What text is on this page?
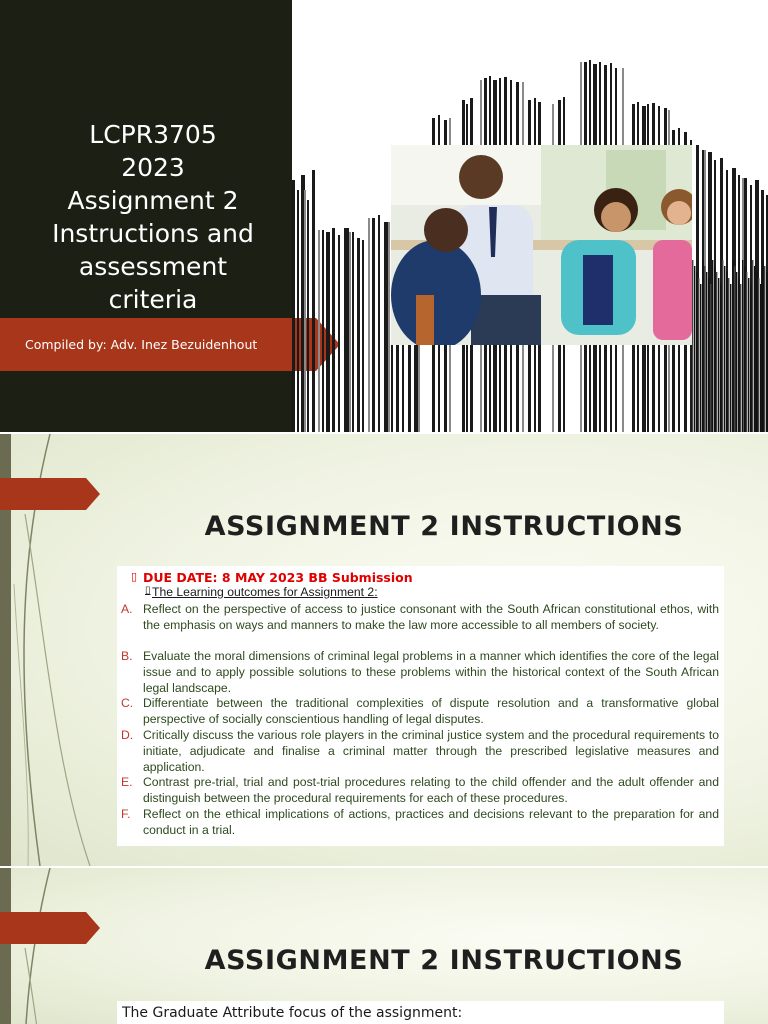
LCPR3705
2023
Assignment 2
Instructions and
assessment
criteria
Compiled by: Adv. Inez Bezuidenhout
ASSIGNMENT 2 INSTRUCTIONS
▯ DUE DATE: 8 MAY 2023 BB Submission
▯ The Learning outcomes for Assignment 2:
A. Reflect on the perspective of access to justice consonant with the South African constitutional ethos, with the emphasis on ways and manners to make the law more accessible to all members of society.
B. Evaluate the moral dimensions of criminal legal problems in a manner which identifies the core of the legal issue and to apply possible solutions to these problems within the historical context of the South African legal landscape.
C. Differentiate between the traditional complexities of dispute resolution and a transformative global perspective of socially conscientious handling of legal disputes.
D. Critically discuss the various role players in the criminal justice system and the procedural requirements to initiate, adjudicate and finalise a criminal matter through the prescribed legislative measures and application.
E. Contrast pre-trial, trial and post-trial procedures relating to the child offender and the adult offender and distinguish between the procedural requirements for each of these procedures.
F. Reflect on the ethical implications of actions, practices and decisions relevant to the preparation for and conduct in a trial.
ASSIGNMENT 2 INSTRUCTIONS
The Graduate Attribute focus of the assignment:
